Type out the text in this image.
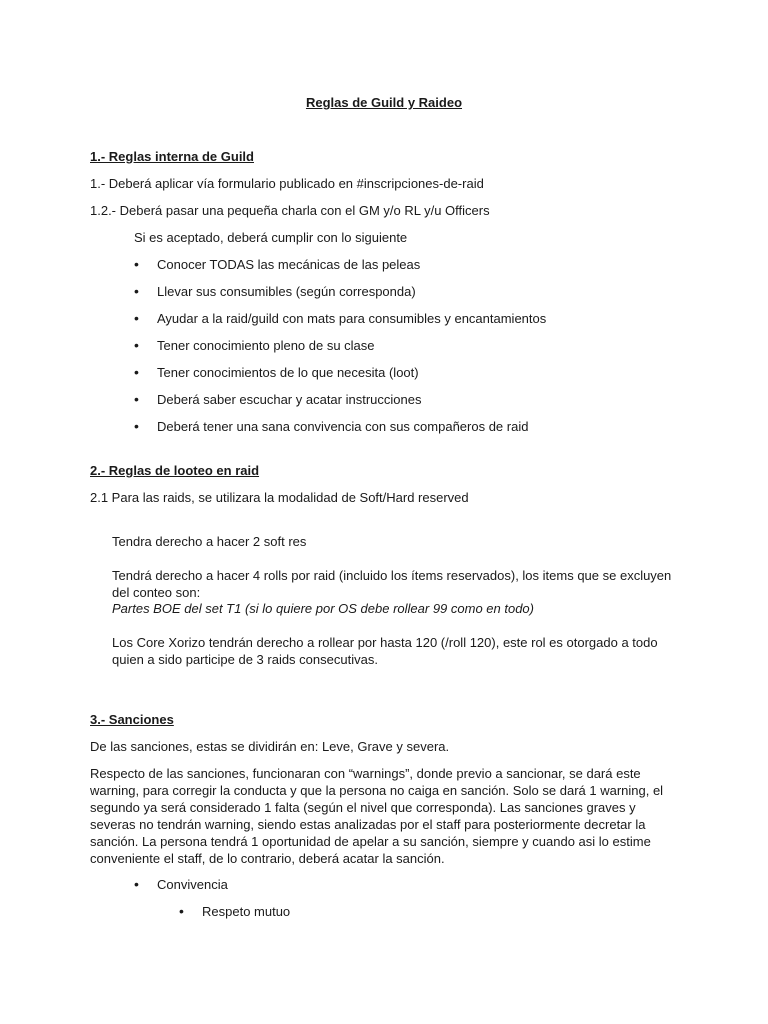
Reglas de Guild y Raideo
1.- Reglas interna de Guild
1.- Deberá aplicar vía formulario publicado en #inscripciones-de-raid
1.2.- Deberá pasar una pequeña charla con el GM y/o RL y/u Officers
Si es aceptado, deberá cumplir con lo siguiente
•	Conocer TODAS las mecánicas de las peleas
•	Llevar sus consumibles (según corresponda)
•	Ayudar a la raid/guild con mats para consumibles y encantamientos
•	Tener conocimiento pleno de su clase
•	Tener conocimientos de lo que necesita (loot)
•	Deberá saber escuchar y acatar instrucciones
•	Deberá tener una sana convivencia con sus compañeros de raid
2.- Reglas de looteo en raid
2.1 Para las raids, se utilizara la modalidad de Soft/Hard reserved
Tendra derecho a hacer 2 soft res
Tendrá derecho a hacer 4 rolls por raid (incluido los ítems reservados), los items que se excluyen del conteo son:
Partes BOE del set T1 (si lo quiere por OS debe rollear 99 como en todo)
Los Core Xorizo tendrán derecho a rollear por hasta 120 (/roll 120), este rol es otorgado a todo quien a sido participe de 3 raids consecutivas.
3.- Sanciones
De las sanciones, estas se dividirán en: Leve, Grave y severa.
Respecto de las sanciones, funcionaran con “warnings”, donde previo a sancionar, se dará este warning, para corregir la conducta y que la persona no caiga en sanción. Solo se dará 1 warning, el segundo ya será considerado 1 falta (según el nivel que corresponda). Las sanciones graves y severas no tendrán warning, siendo estas analizadas por el staff para posteriormente decretar la sanción. La persona tendrá 1 oportunidad de apelar a su sanción, siempre y cuando asi lo estime conveniente el staff, de lo contrario, deberá acatar la sanción.
•	Convivencia
• Respeto mutuo
